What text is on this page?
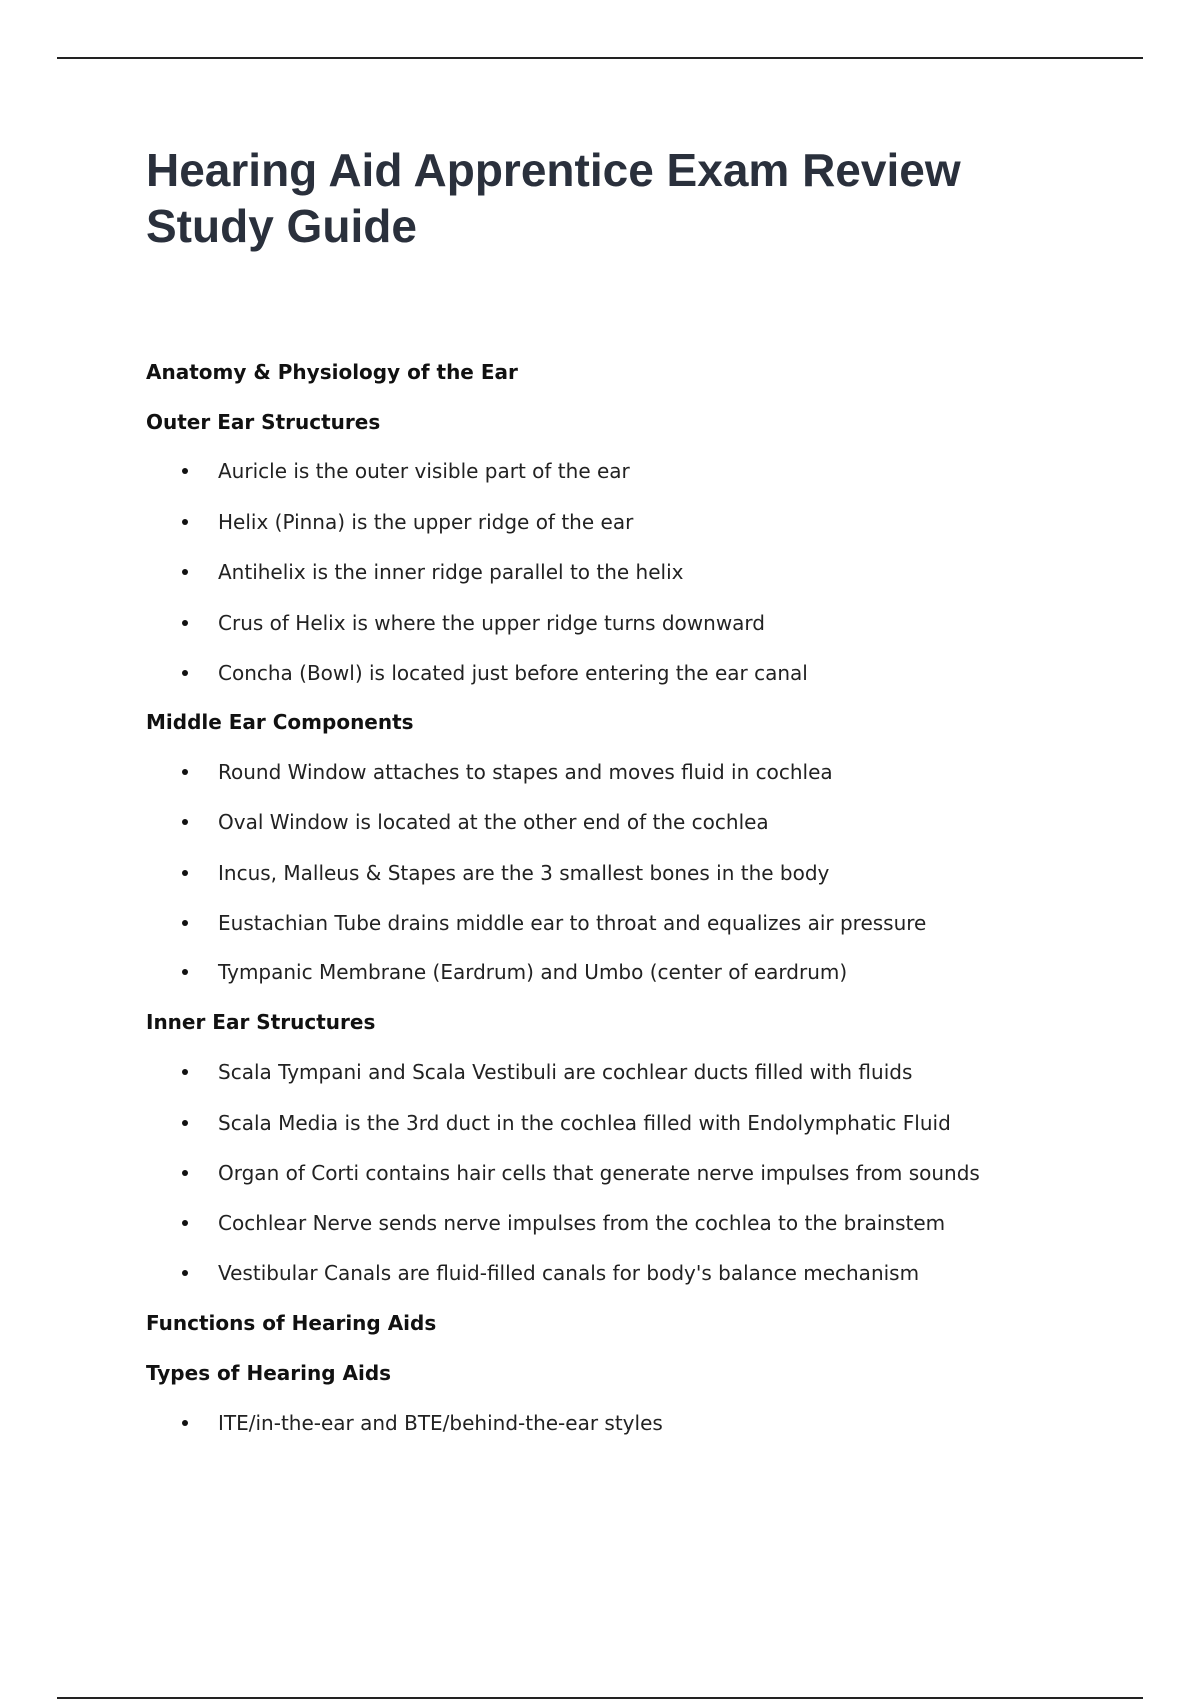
Hearing Aid Apprentice Exam Review Study Guide
Anatomy & Physiology of the Ear
Outer Ear Structures
Auricle is the outer visible part of the ear
Helix (Pinna) is the upper ridge of the ear
Antihelix is the inner ridge parallel to the helix
Crus of Helix is where the upper ridge turns downward
Concha (Bowl) is located just before entering the ear canal
Middle Ear Components
Round Window attaches to stapes and moves fluid in cochlea
Oval Window is located at the other end of the cochlea
Incus, Malleus & Stapes are the 3 smallest bones in the body
Eustachian Tube drains middle ear to throat and equalizes air pressure
Tympanic Membrane (Eardrum) and Umbo (center of eardrum)
Inner Ear Structures
Scala Tympani and Scala Vestibuli are cochlear ducts filled with fluids
Scala Media is the 3rd duct in the cochlea filled with Endolymphatic Fluid
Organ of Corti contains hair cells that generate nerve impulses from sounds
Cochlear Nerve sends nerve impulses from the cochlea to the brainstem
Vestibular Canals are fluid-filled canals for body's balance mechanism
Functions of Hearing Aids
Types of Hearing Aids
ITE/in-the-ear and BTE/behind-the-ear styles
